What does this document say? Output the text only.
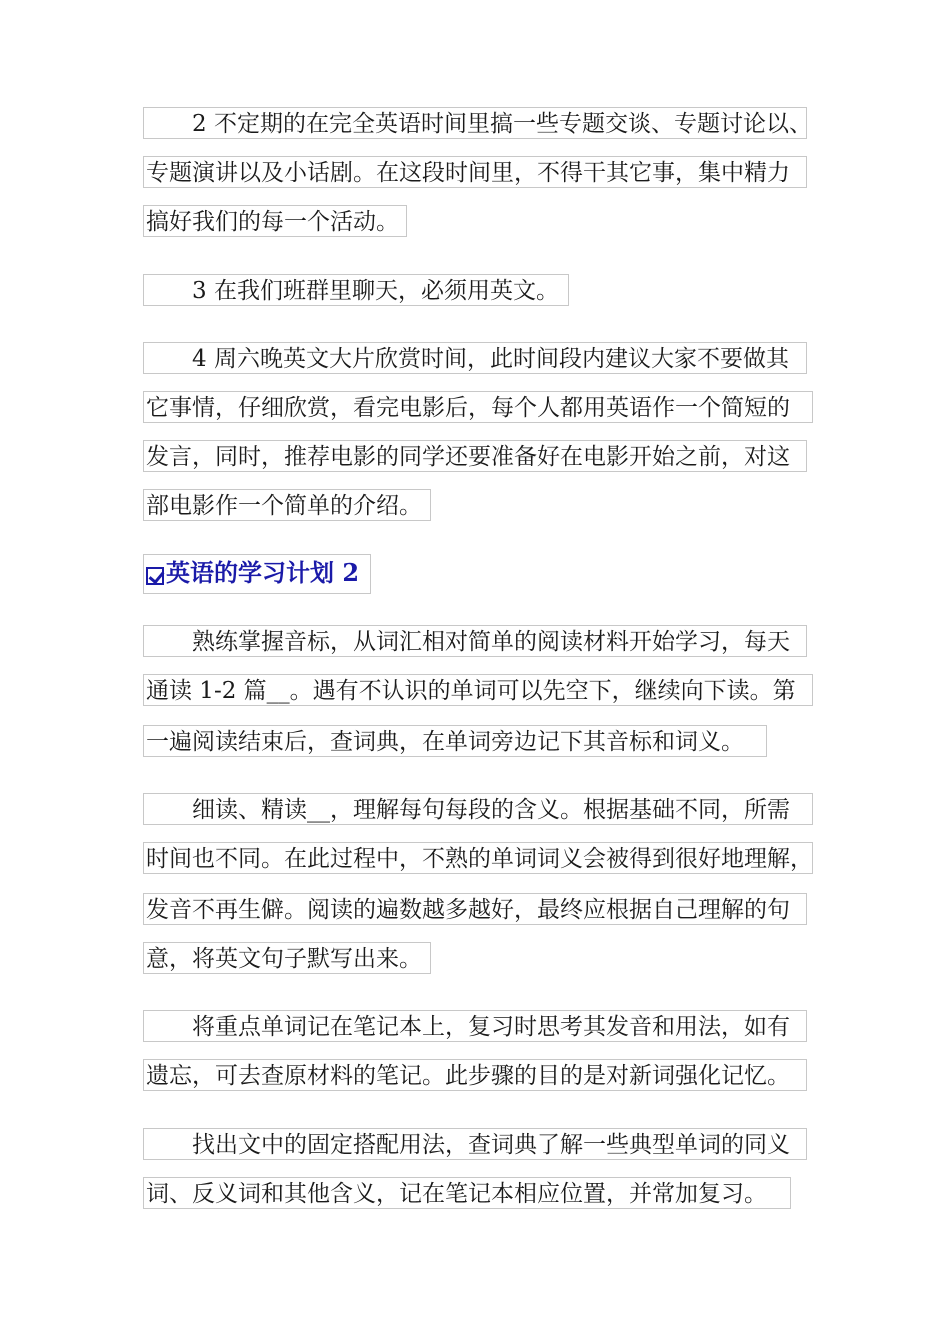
2 不定期的在完全英语时间里搞一些专题交谈、专题讨论以、
专题演讲以及小话剧。在这段时间里，不得干其它事，集中精力
搞好我们的每一个活动。
3 在我们班群里聊天，必须用英文。
4 周六晚英文大片欣赏时间，此时间段内建议大家不要做其
它事情，仔细欣赏，看完电影后，每个人都用英语作一个简短的
发言，同时，推荐电影的同学还要准备好在电影开始之前，对这
部电影作一个简单的介绍。
英语的学习计划 2
熟练掌握音标，从词汇相对简单的阅读材料开始学习，每天
通读 1-2 篇__。遇有不认识的单词可以先空下，继续向下读。第
一遍阅读结束后，查词典，在单词旁边记下其音标和词义。
细读、精读__，理解每句每段的含义。根据基础不同，所需
时间也不同。在此过程中，不熟的单词词义会被得到很好地理解，
发音不再生僻。阅读的遍数越多越好，最终应根据自己理解的句
意，将英文句子默写出来。
将重点单词记在笔记本上，复习时思考其发音和用法，如有
遗忘，可去查原材料的笔记。此步骤的目的是对新词强化记忆。
找出文中的固定搭配用法，查词典了解一些典型单词的同义
词、反义词和其他含义，记在笔记本相应位置，并常加复习。
